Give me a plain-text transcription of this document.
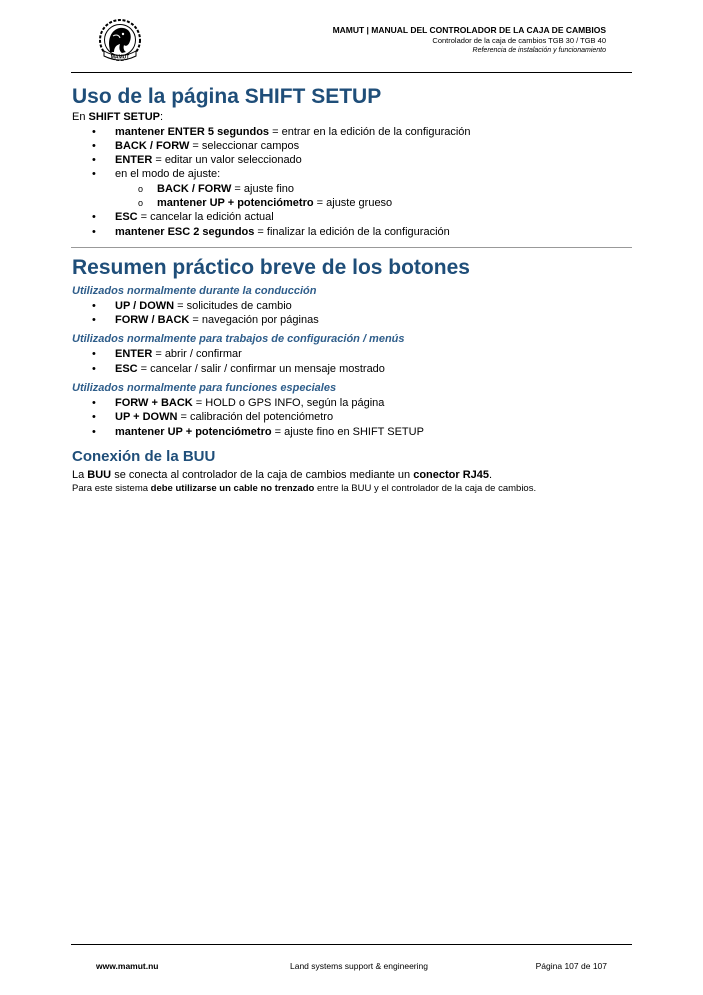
MAMUT
MAMUT | MANUAL DEL CONTROLADOR DE LA CAJA DE CAMBIOS
Controlador de la caja de cambios TGB 30 / TGB 40
Referencia de instalación y funcionamiento
Uso de la página SHIFT SETUP

En SHIFT SETUP:

• mantener ENTER 5 segundos = entrar en la edición de la configuración
• BACK / FORW = seleccionar campos
• ENTER = editar un valor seleccionado
• en el modo de ajuste:
o BACK / FORW = ajuste fino
o mantener UP + potenciómetro = ajuste grueso
• ESC = cancelar la edición actual
• mantener ESC 2 segundos = finalizar la edición de la configuración
Resumen práctico breve de los botones
Utilizados normalmente durante la conducción
• UP / DOWN = solicitudes de cambio
• FORW / BACK = navegación por páginas
Utilizados normalmente para trabajos de configuración / menús
• ENTER = abrir / confirmar
• ESC = cancelar / salir / confirmar un mensaje mostrado
Utilizados normalmente para funciones especiales
• FORW + BACK = HOLD o GPS INFO, según la página
• UP + DOWN = calibración del potenciómetro
• mantener UP + potenciómetro = ajuste fino en SHIFT SETUP
Conexión de la BUU

La BUU se conecta al controlador de la caja de cambios mediante un conector RJ45.

Para este sistema debe utilizarse un cable no trenzado entre la BUU y el controlador de la caja de cambios.

www.mamut.nu	Land systems support & engineering	Página 107 de 107
